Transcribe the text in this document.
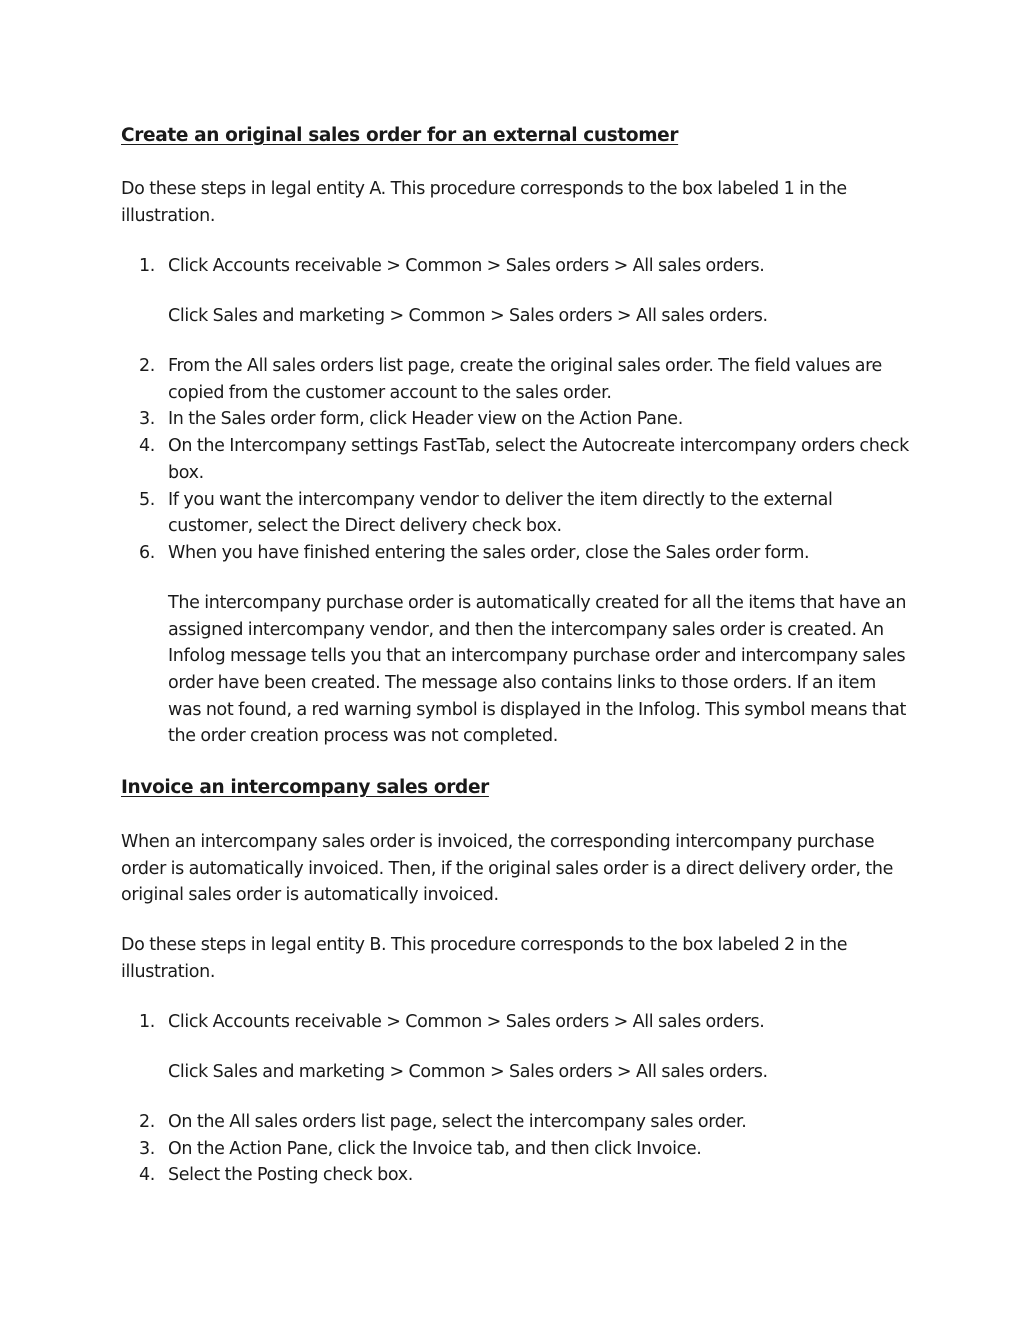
Create an original sales order for an external customer

Do these steps in legal entity A. This procedure corresponds to the box labeled 1 in the illustration.

1. Click Accounts receivable > Common > Sales orders > All sales orders.
Click Sales and marketing > Common > Sales orders > All sales orders.
2. From the All sales orders list page, create the original sales order. The field values are copied from the customer account to the sales order.
3. In the Sales order form, click Header view on the Action Pane.
4. On the Intercompany settings FastTab, select the Autocreate intercompany orders check box.
5. If you want the intercompany vendor to deliver the item directly to the external customer, select the Direct delivery check box.
6. When you have finished entering the sales order, close the Sales order form.
The intercompany purchase order is automatically created for all the items that have an assigned intercompany vendor, and then the intercompany sales order is created. An Infolog message tells you that an intercompany purchase order and intercompany sales order have been created. The message also contains links to those orders. If an item was not found, a red warning symbol is displayed in the Infolog. This symbol means that the order creation process was not completed.
Invoice an intercompany sales order

When an intercompany sales order is invoiced, the corresponding intercompany purchase order is automatically invoiced. Then, if the original sales order is a direct delivery order, the original sales order is automatically invoiced.

Do these steps in legal entity B. This procedure corresponds to the box labeled 2 in the illustration.

1. Click Accounts receivable > Common > Sales orders > All sales orders.
Click Sales and marketing > Common > Sales orders > All sales orders.
2. On the All sales orders list page, select the intercompany sales order.
3. On the Action Pane, click the Invoice tab, and then click Invoice.
4. Select the Posting check box.
